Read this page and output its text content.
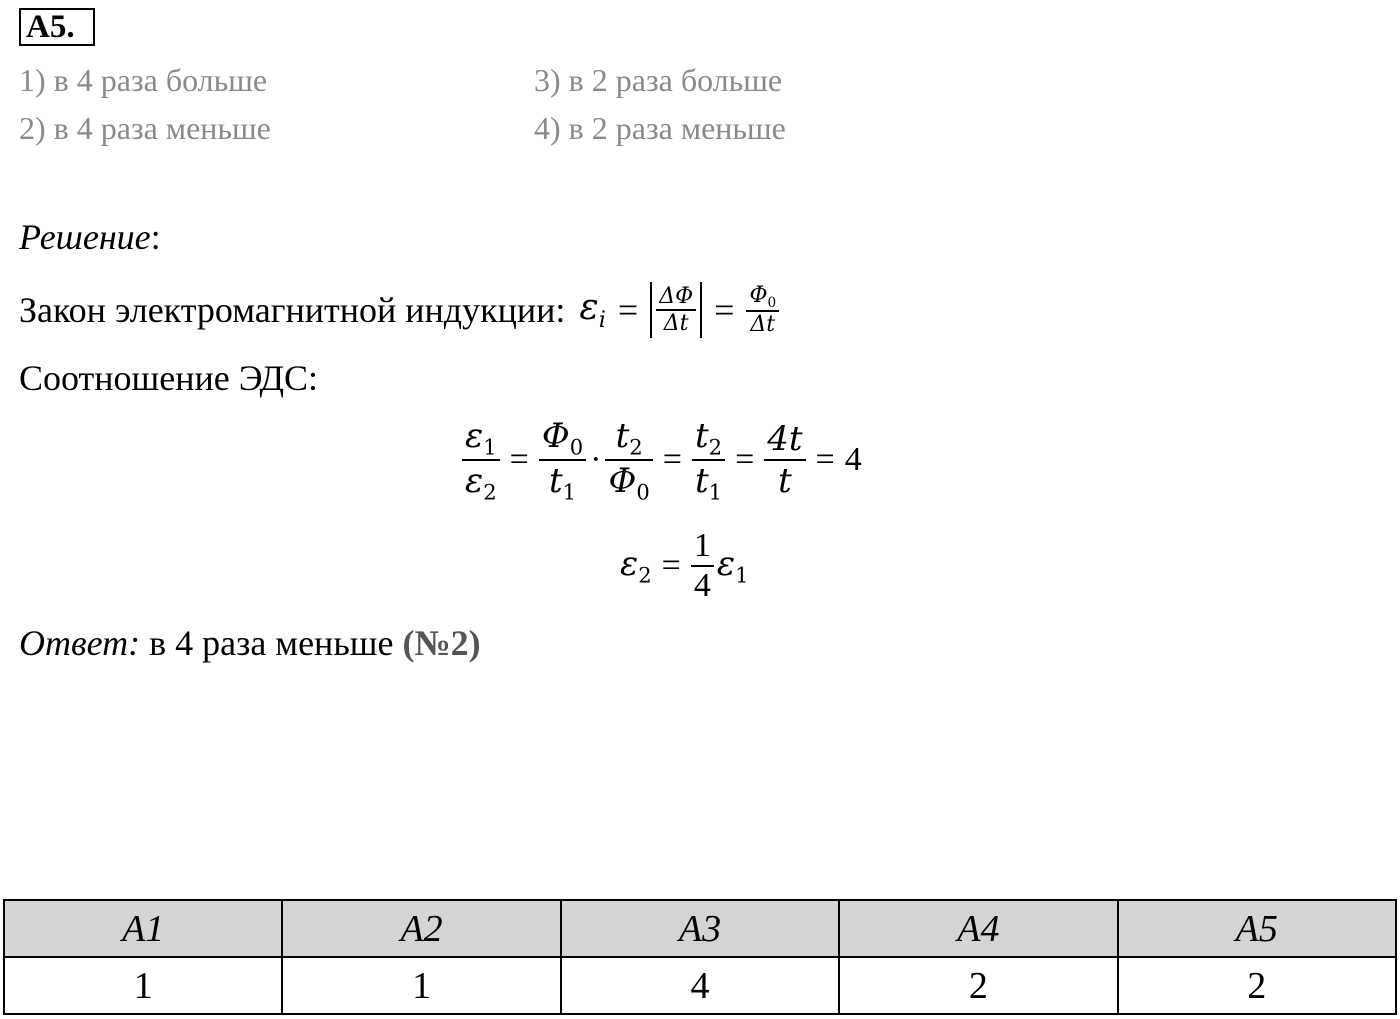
А5.
1) в 4 раза больше
2) в 4 раза меньше
3) в 2 раза больше
4) в 2 раза меньше
Решение:
Закон электромагнитной индукции: $\varepsilon_i = \frac{\Delta\Phi}{\Delta t} = \frac{\Phi_0}{\Delta t}$
Соотношение ЭДС:
$\frac{\varepsilon_1}{\varepsilon_2} = \frac{\Phi_0}{t_1} \cdot \frac{t_2}{\Phi_0} = \frac{t_2}{t_1} = \frac{4t}{t} = 4$
$\varepsilon_2 = \frac{1}{4} \varepsilon_1$
Ответ: в 4 раза меньше (№2)
А1	А2	А3	А4	А5
1	1	4	2	2
